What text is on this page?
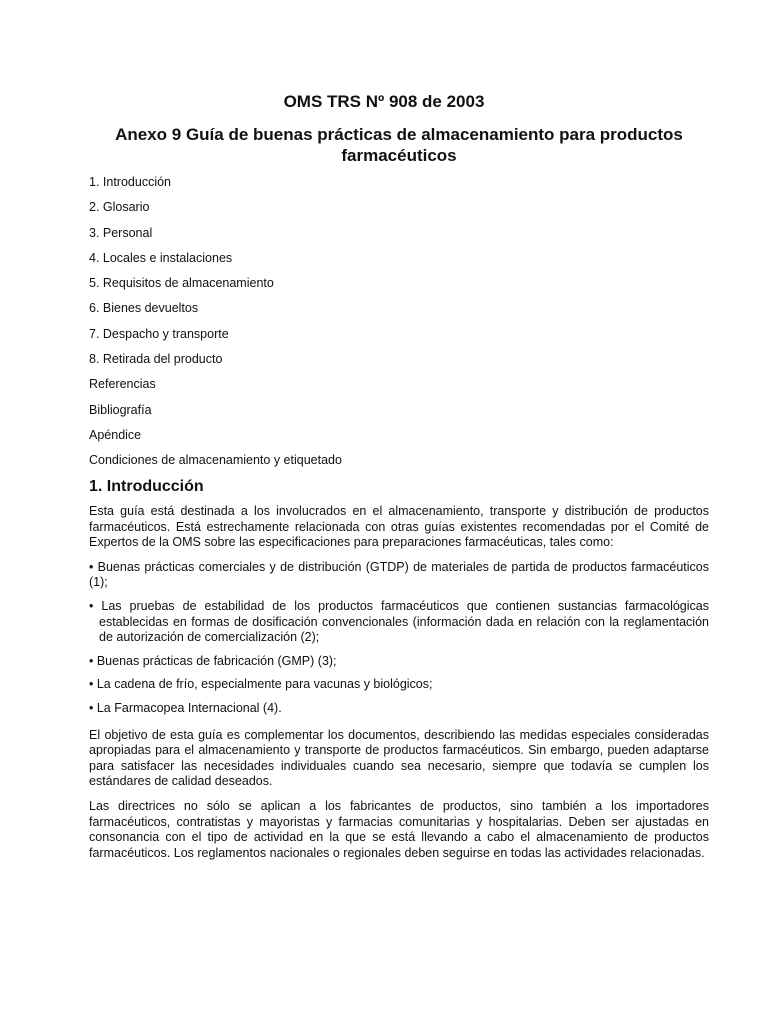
OMS TRS Nº 908 de 2003
Anexo 9 Guía de buenas prácticas de almacenamiento para productos farmacéuticos
1. Introducción
2. Glosario
3. Personal
4. Locales e instalaciones
5. Requisitos de almacenamiento
6. Bienes devueltos
7. Despacho y transporte
8. Retirada del producto
Referencias
Bibliografía
Apéndice
Condiciones de almacenamiento y etiquetado
1. Introducción

Esta guía está destinada a los involucrados en el almacenamiento, transporte y distribución de productos farmacéuticos. Está estrechamente relacionada con otras guías existentes recomendadas por el Comité de Expertos de la OMS sobre las especificaciones para preparaciones farmacéuticas, tales como:

• Buenas prácticas comerciales y de distribución (GTDP) de materiales de partida de productos farmacéuticos (1);

• Las pruebas de estabilidad de los productos farmacéuticos que contienen sustancias farmacológicas establecidas en formas de dosificación convencionales (información dada en relación con la reglamentación de autorización de comercialización (2);

• Buenas prácticas de fabricación (GMP) (3);

• La cadena de frío, especialmente para vacunas y biológicos;

• La Farmacopea Internacional (4).

El objetivo de esta guía es complementar los documentos, describiendo las medidas especiales consideradas apropiadas para el almacenamiento y transporte de productos farmacéuticos. Sin embargo, pueden adaptarse para satisfacer las necesidades individuales cuando sea necesario, siempre que todavía se cumplen los estándares de calidad deseados.

Las directrices no sólo se aplican a los fabricantes de productos, sino también a los importadores farmacéuticos, contratistas y mayoristas y farmacias comunitarias y hospitalarias. Deben ser ajustadas en consonancia con el tipo de actividad en la que se está llevando a cabo el almacenamiento de productos farmacéuticos. Los reglamentos nacionales o regionales deben seguirse en todas las actividades relacionadas.
